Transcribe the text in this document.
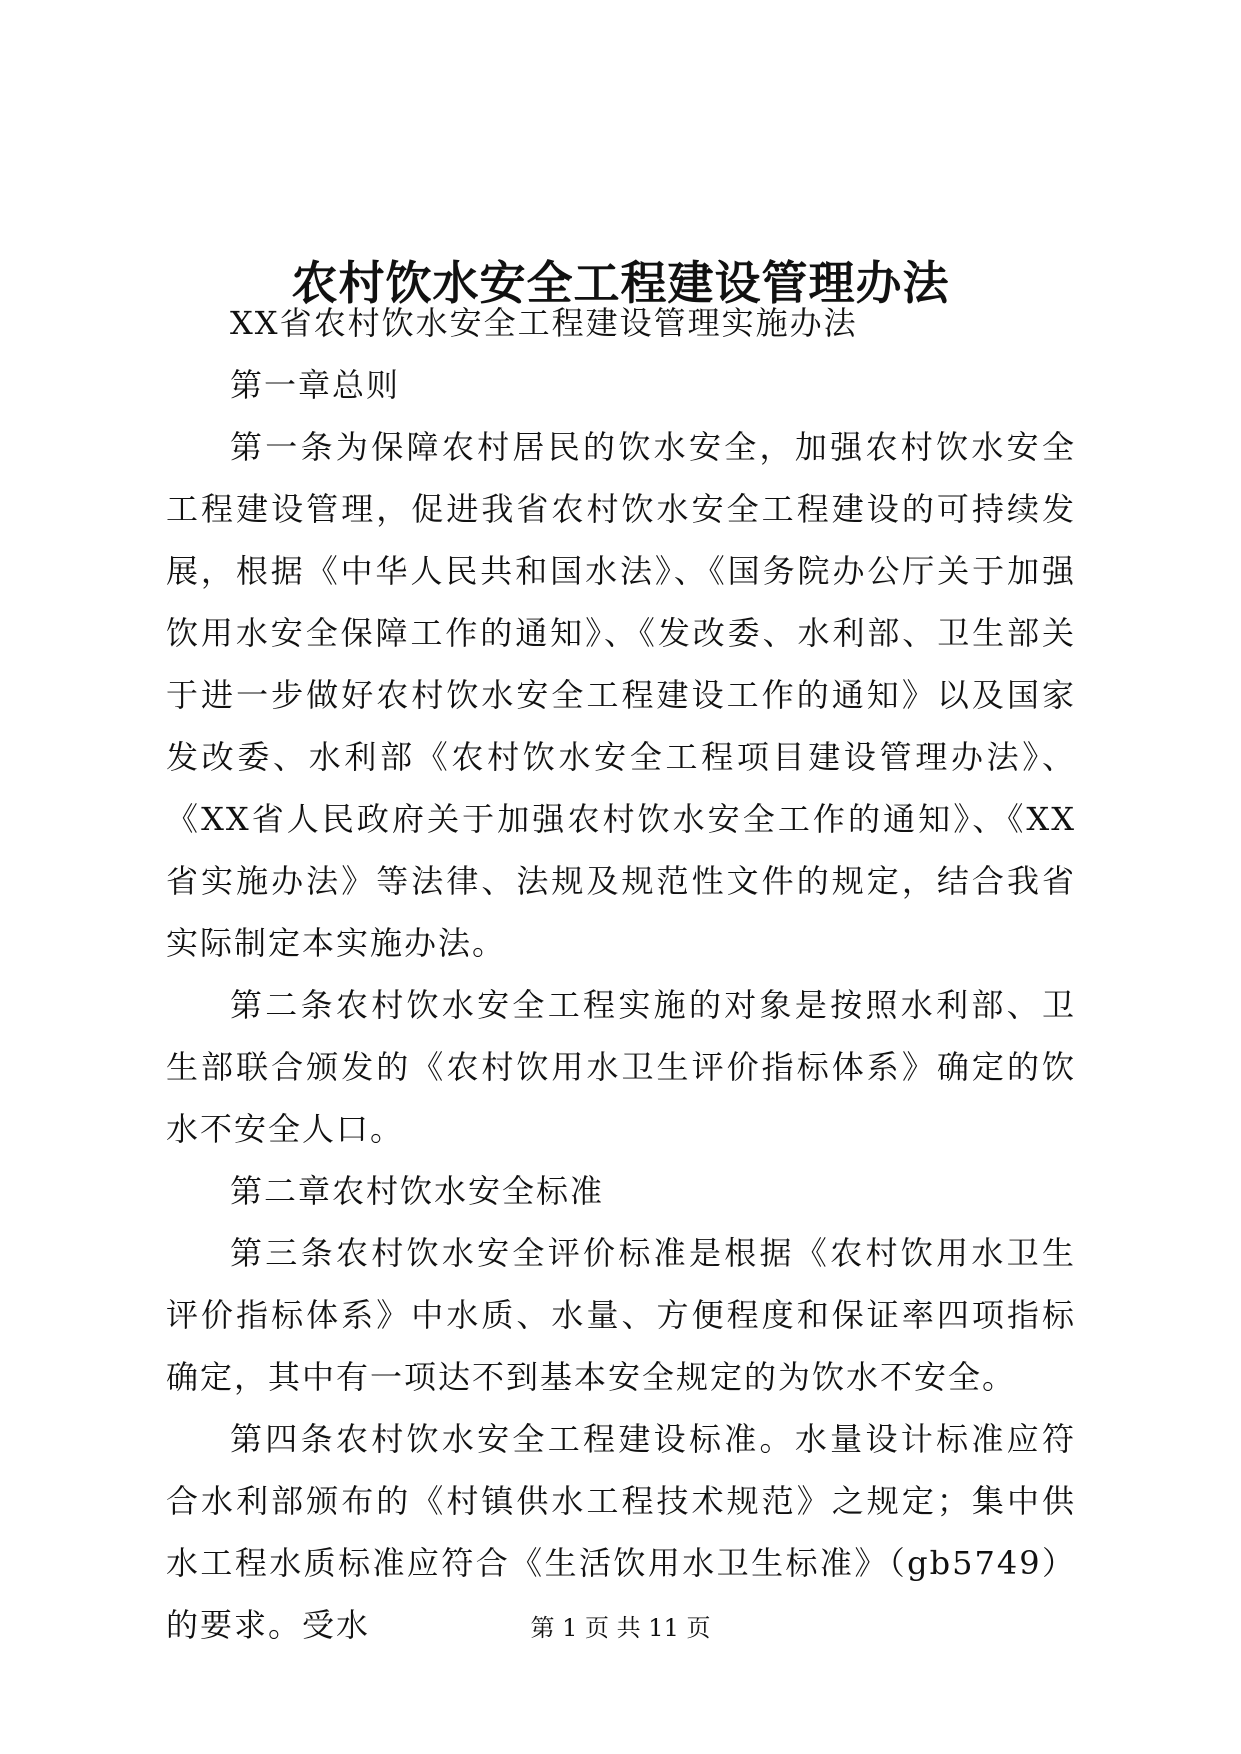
农村饮水安全工程建设管理办法

XX省农村饮水安全工程建设管理实施办法

第一章总则

第一条为保障农村居民的饮水安全，加强农村饮水安全工程建设管理，促进我省农村饮水安全工程建设的可持续发展，根据《中华人民共和国水法》、《国务院办公厅关于加强饮用水安全保障工作的通知》、《发改委、水利部、卫生部关于进一步做好农村饮水安全工程建设工作的通知》以及国家发改委、水利部《农村饮水安全工程项目建设管理办法》、《XX省人民政府关于加强农村饮水安全工作的通知》、《XX省实施办法》等法律、法规及规范性文件的规定，结合我省实际制定本实施办法。

第二条农村饮水安全工程实施的对象是按照水利部、卫生部联合颁发的《农村饮用水卫生评价指标体系》确定的饮水不安全人口。

第二章农村饮水安全标准

第三条农村饮水安全评价标准是根据《农村饮用水卫生评价指标体系》中水质、水量、方便程度和保证率四项指标确定，其中有一项达不到基本安全规定的为饮水不安全。

第四条农村饮水安全工程建设标准。水量设计标准应符合水利部颁布的《村镇供水工程技术规范》之规定；集中供水工程水质标准应符合《生活饮用水卫生标准》（gb5749）的要求。受水	第 1 页 共 11 页
